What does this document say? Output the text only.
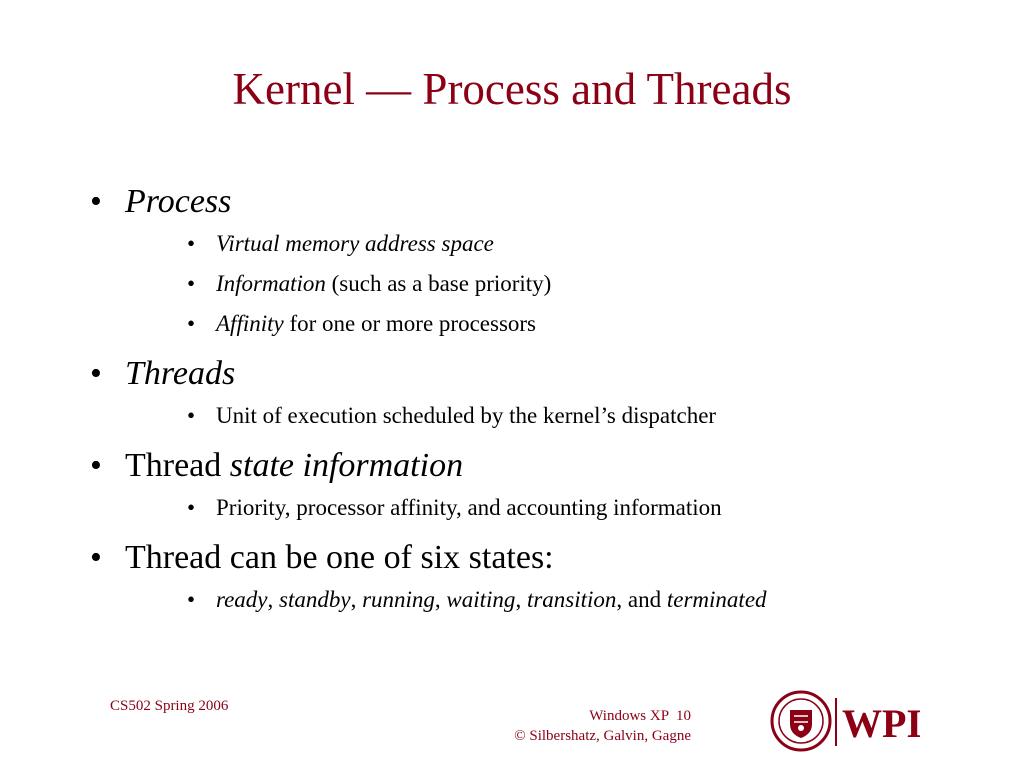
Kernel — Process and Threads
• Process
• Virtual memory address space
• Information (such as a base priority)
• Affinity for one or more processors
• Threads
• Unit of execution scheduled by the kernel’s dispatcher
• Thread state information
• Priority, processor affinity, and accounting information
• Thread can be one of six states:
• ready, standby, running, waiting, transition, and terminated
CS502 Spring 2006
Windows XP  10
© Silbershatz, Galvin, Gagne	WPI
